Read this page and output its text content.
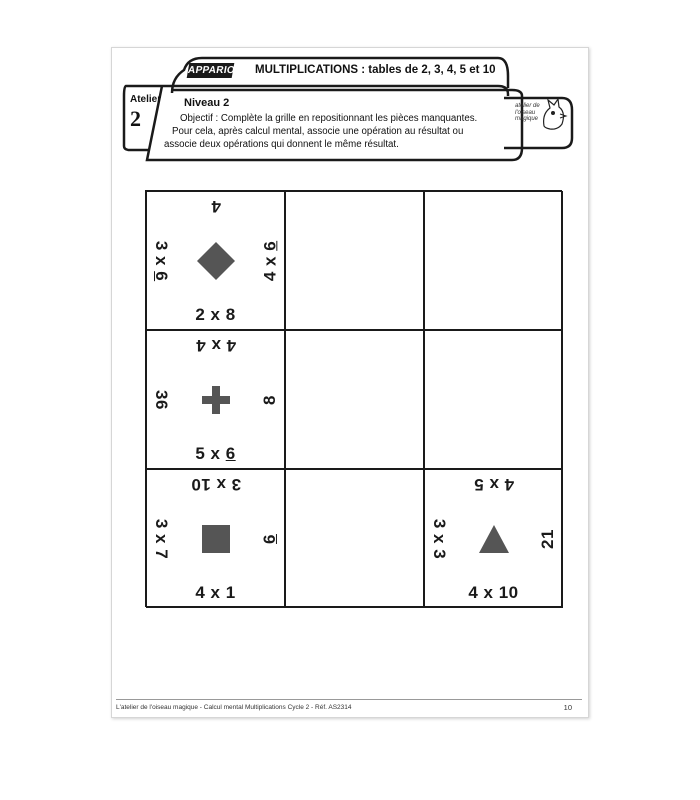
APPARIO MULTIPLICATIONS : tables de 2, 3, 4, 5 et 10
Atelier
2
Niveau 2

Objectif : Complète la grille en repositionnant les pièces manquantes.

Pour cela, après calcul mental, associe une opération au résultat ou

associe deux opérations qui donnent le même résultat.

atelier de l'oiseau magique
4
3 x 6	4 x 6
2 x 8
4 x 4
36	8
5 x 6
3 x 10
3 x 7	6
4 x 1
4 x 5
3 x 3	21
4 x 10
L'atelier de l'oiseau magique - Calcul mental Multiplications Cycle 2 - Réf. AS2314	10
